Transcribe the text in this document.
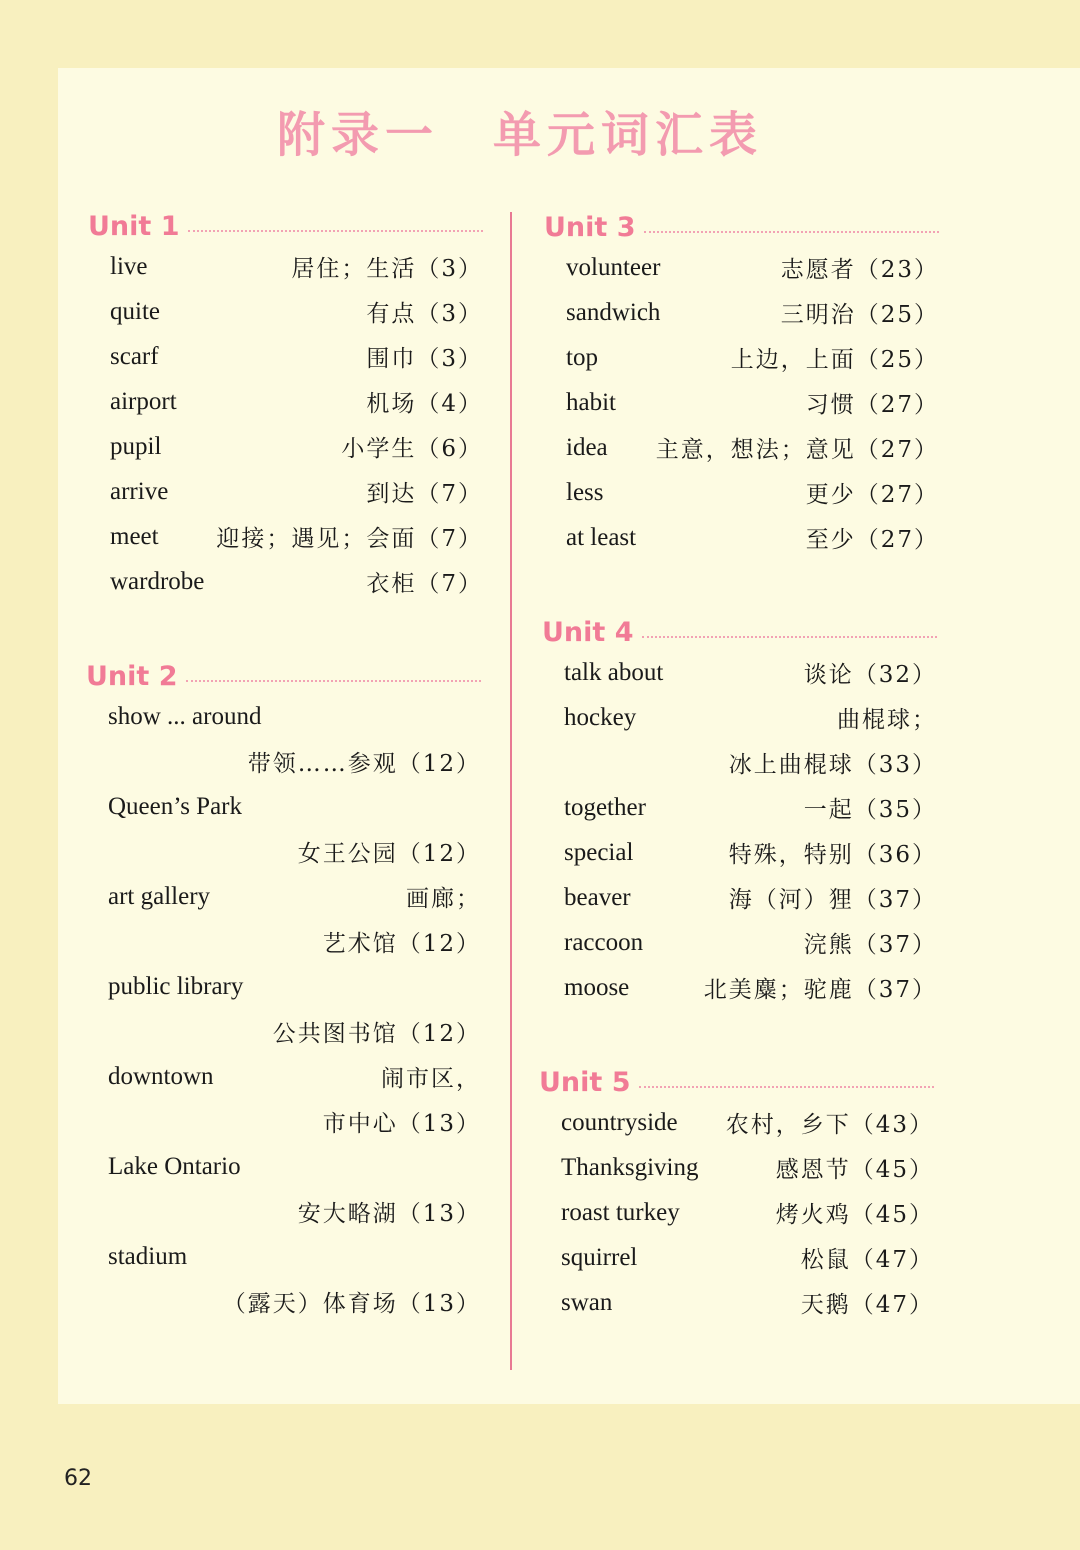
附录一　单元词汇表
Unit 1
live	居住；生活（3）
quite	有点（3）
scarf	围巾（3）
airport	机场（4）
pupil	小学生（6）
arrive	到达（7）
meet	迎接；遇见；会面（7）
wardrobe	衣柜（7）
Unit 2
show ... around
带领……参观（12）
Queen’s Park
女王公园（12）
art gallery	画廊；
艺术馆（12）
public library
公共图书馆（12）
downtown	闹市区，
市中心（13）
Lake Ontario
安大略湖（13）
stadium
（露天）体育场（13）
Unit 3
volunteer	志愿者（23）
sandwich	三明治（25）
top	上边，上面（25）
habit	习惯（27）
idea 主意，想法；意见（27）
less	更少（27）
at least	至少（27）
Unit 4
talk about	谈论（32）
hockey	曲棍球；
冰上曲棍球（33）
together	一起（35）
special	特殊，特别（36）
beaver	海（河）狸（37）
raccoon	浣熊（37）
moose	北美麋；驼鹿（37）
Unit 5
countryside 农村，乡下（43）
Thanksgiving	感恩节（45）
roast turkey	烤火鸡（45）
squirrel	松鼠（47）
swan	天鹅（47）
62
